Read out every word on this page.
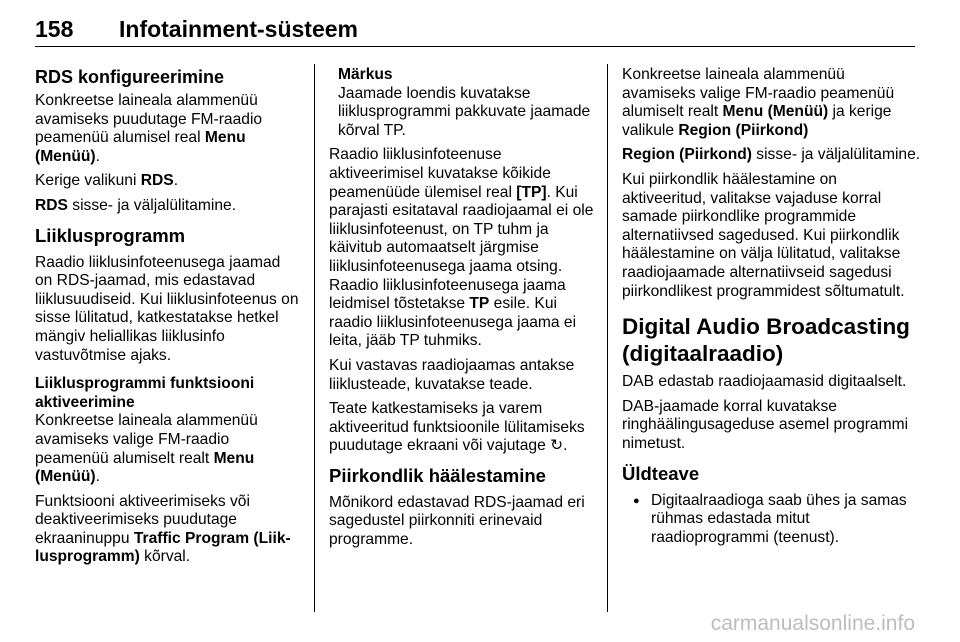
158 Infotainment-süsteem
RDS konfigureerimine

Konkreetse laineala alammenüü avamiseks puudutage FM-raadio peamenüü alumisel real Menu (Menüü).

Kerige valikuni RDS.

RDS sisse- ja väljalülitamine.

Liiklusprogramm

Raadio liiklusinfoteenusega jaamad on RDS-jaamad, mis edastavad liiklusuudiseid. Kui liiklusinfoteenus on sisse lülitatud, katkestatakse hetkel mängiv heliallikas liiklusinfo vastuvõtmise ajaks.

Liiklusprogrammi funktsiooni aktiveerimine

Konkreetse laineala alammenüü avamiseks valige FM-raadio peamenüü alumiselt realt Menu (Menüü).

Funktsiooni aktiveerimiseks või deaktiveerimiseks puudutage ekraaninuppu Traffic Program (Liik-lusprogramm) kõrval.

Märkus
Jaamade loendis kuvatakse liiklusprogrammi pakkuvate jaamade kõrval TP.

Raadio liiklusinfoteenuse aktiveerimisel kuvatakse kõikide peamenüüde ülemisel real [TP]. Kui parajasti esitataval raadiojaamal ei ole liiklusinfoteenust, on TP tuhm ja käivitub automaatselt järgmise liiklusinfoteenusega jaama otsing. Raadio liiklusinfoteenusega jaama leidmisel tõstetakse TP esile. Kui raadio liiklusinfoteenusega jaama ei leita, jääb TP tuhmiks.

Kui vastavas raadiojaamas antakse liiklusteade, kuvatakse teade.

Teate katkestamiseks ja varem aktiveeritud funktsioonile lülitamiseks puudutage ekraani või vajutage ↻.

Piirkondlik häälestamine

Mõnikord edastavad RDS-jaamad eri sagedustel piirkonniti erinevaid programme.

Konkreetse laineala alammenüü avamiseks valige FM-raadio peamenüü alumiselt realt Menu (Menüü) ja kerige valikule Region (Piirkond)

Region (Piirkond) sisse- ja väljalülitamine.

Kui piirkondlik häälestamine on aktiveeritud, valitakse vajaduse korral samade piirkondlike programmide alternatiivsed sagedused. Kui piirkondlik häälestamine on välja lülitatud, valitakse raadiojaamade alternatiivseid sagedusi piirkondlikest programmidest sõltumatult.

Digital Audio Broadcasting (digitaalraadio)

DAB edastab raadiojaamasid digitaalselt.

DAB-jaamade korral kuvatakse ringhäälingusageduse asemel programmi nimetust.

Üldteave
● Digitaalraadioga saab ühes ja samas rühmas edastada mitut raadioprogrammi (teenust).
carmanualsonline.info
